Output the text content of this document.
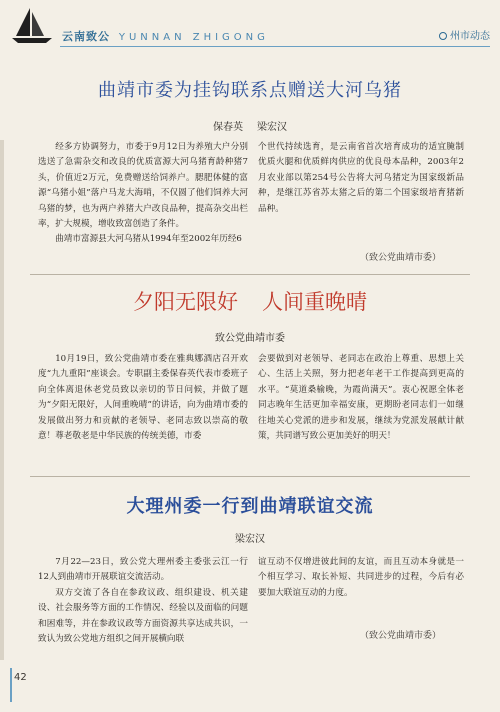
云南致公 YUNNAN ZHIGONG	州市动态
曲靖市委为挂钩联系点赠送大河乌猪
保春英 梁宏汉

经多方协调努力，市委于9月12日为养殖大户分别选送了急需杂交和改良的优质富源大河乌猪育龄种猪7头，价值近2万元，免费赠送给饲养户。腮肥体健的富源“乌猪小姐”落户马龙大海哨，不仅圆了他们饲养大河乌猪的梦，也为两户养猪大户改良品种，提高杂交出栏率，扩大规模，增收致富创造了条件。

曲靖市富源县大河乌猪从1994年至2002年历经6

个世代持续选育，是云南省首次培育成功的适宜腌制优质火腿和优质鲜肉供应的优良母本品种，2003年2月农业部以第254号公告将大河乌猪定为国家级新品种，是继江苏省苏太猪之后的第二个国家级培育猪新品种。

（致公党曲靖市委）
夕阳无限好 人间重晚晴
致公党曲靖市委

10月19日，致公党曲靖市委在雅典娜酒店召开欢度“九九重阳”座谈会。专职副主委保春英代表市委班子向全体离退休老党员致以亲切的节日问候，并做了题为“夕阳无限好，人间重晚晴”的讲话，向为曲靖市委的发展做出努力和贡献的老领导、老同志致以崇高的敬意！尊老敬老是中华民族的传统美德，市委

会要做到对老领导、老同志在政治上尊重、思想上关心、生活上关照，努力把老年老干工作提高到更高的水平。“莫道桑榆晚，为霞尚满天”。衷心祝愿全体老同志晚年生活更加幸福安康，更期盼老同志们一如继往地关心党派的进步和发展，继续为党派发展献计献策，共同谱写致公更加美好的明天！

大理州委一行到曲靖联谊交流
梁宏汉

7月22—23日，致公党大理州委主委张云江一行12人到曲靖市开展联谊交流活动。

双方交流了各自在参政议政、组织建设、机关建设、社会服务等方面的工作情况、经验以及面临的问题和困难等，并在参政议政等方面资源共享达成共识，一致认为致公党地方组织之间开展横向联

谊互动不仅增进彼此间的友谊，而且互动本身就是一个相互学习、取长补短、共同进步的过程，今后有必要加大联谊互动的力度。

（致公党曲靖市委）
42
